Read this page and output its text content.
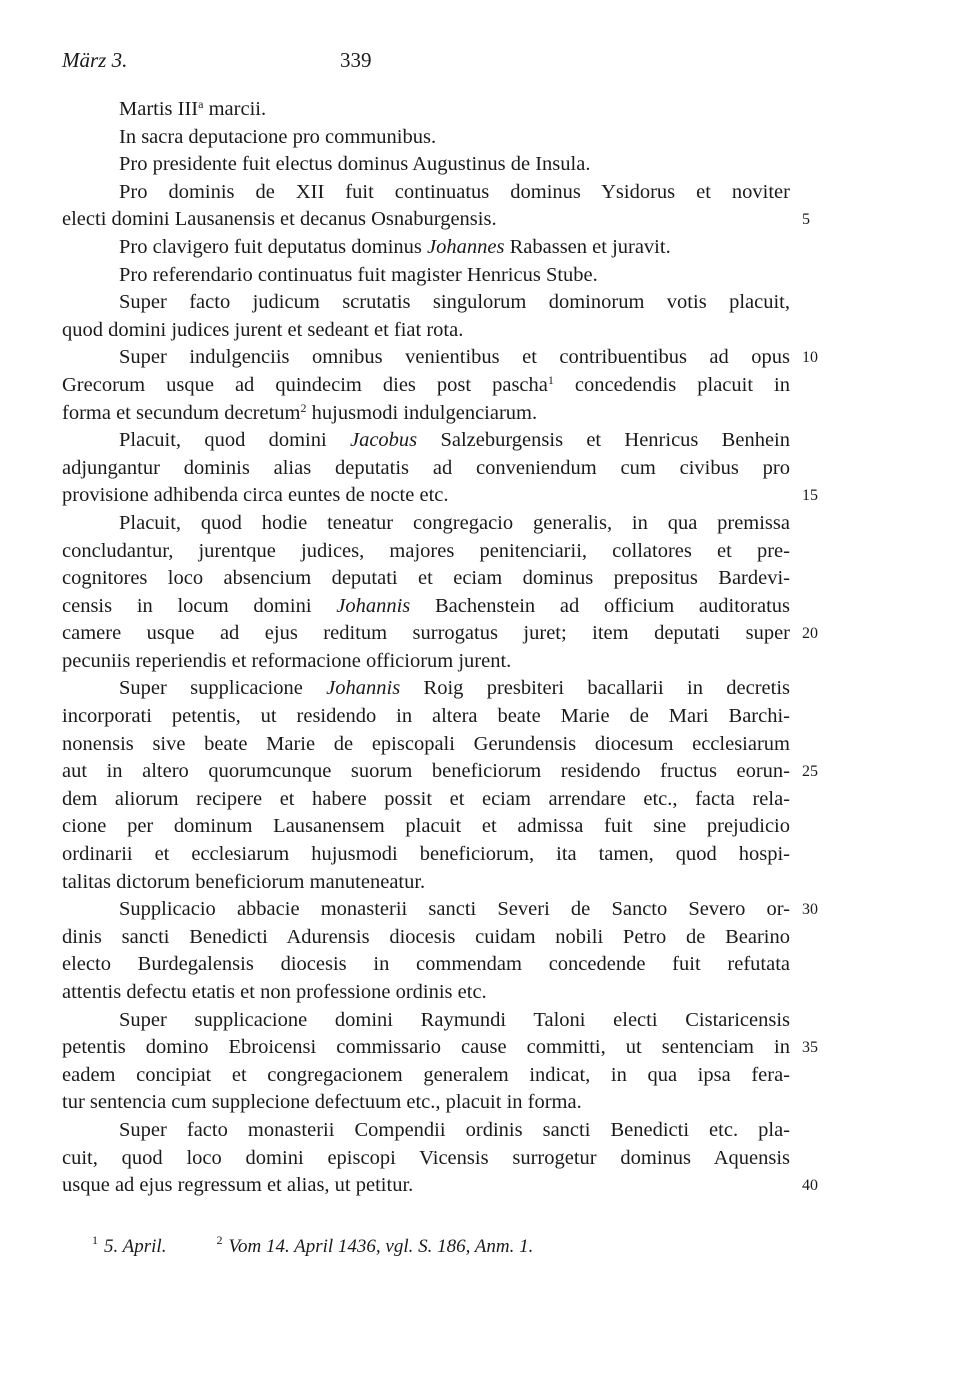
März 3.	339
Martis III$^a$ marcii.
In sacra deputacione pro communibus.
Pro presidente fuit electus dominus Augustinus de Insula.
Pro dominis de XII fuit continuatus dominus Ysidorus et noviter
electi domini Lausanensis et decanus Osnaburgensis.	5
Pro clavigero fuit deputatus dominus Johannes Rabassen et juravit.
Pro referendario continuatus fuit magister Henricus Stube.
Super facto judicum scrutatis singulorum dominorum votis placuit,
quod domini judices jurent et sedeant et fiat rota.
Super indulgenciis omnibus venientibus et contribuentibus ad opus 10
Grecorum usque ad quindecim dies post pascha$^1$ concedendis placuit in
forma et secundum decretum$^2$ hujusmodi indulgenciarum.
Placuit, quod domini Jacobus Salzeburgensis et Henricus Benhein
adjungantur dominis alias deputatis ad conveniendum cum civibus pro
provisione adhibenda circa euntes de nocte etc.	15
Placuit, quod hodie teneatur congregacio generalis, in qua premissa
concludantur, jurentque judices, majores penitenciarii, collatores et pre-
cognitores loco absencium deputati et eciam dominus prepositus Bardevi-
censis in locum domini Johannis Bachenstein ad officium auditoratus
camere usque ad ejus reditum surrogatus juret; item deputati super 20
pecuniis reperiendis et reformacione officiorum jurent.
Super supplicacione Johannis Roig presbiteri bacallarii in decretis
incorporati petentis, ut residendo in altera beate Marie de Mari Barchi-
nonensis sive beate Marie de episcopali Gerundensis diocesum ecclesiarum
aut in altero quorumcunque suorum beneficiorum residendo fructus eorun- 25
dem aliorum recipere et habere possit et eciam arrendare etc., facta rela-
cione per dominum Lausanensem placuit et admissa fuit sine prejudicio
ordinarii et ecclesiarum hujusmodi beneficiorum, ita tamen, quod hospi-
talitas dictorum beneficiorum manuteneatur.
Supplicacio abbacie monasterii sancti Severi de Sancto Severo or- 30
dinis sancti Benedicti Adurensis diocesis cuidam nobili Petro de Bearino
electo Burdegalensis diocesis in commendam concedende fuit refutata
attentis defectu etatis et non professione ordinis etc.
Super supplicacione domini Raymundi Taloni electi Cistaricensis
petentis domino Ebroicensi commissario cause committi, ut sentenciam in 35
eadem concipiat et congregacionem generalem indicat, in qua ipsa fera-
tur sentencia cum supplecione defectuum etc., placuit in forma.
Super facto monasterii Compendii ordinis sancti Benedicti etc. pla-
cuit, quod loco domini episcopi Vicensis surrogetur dominus Aquensis
usque ad ejus regressum et alias, ut petitur.	40
$^1$ 5. April.	$^2$ Vom 14. April 1436, vgl. S. 186, Anm. 1.
